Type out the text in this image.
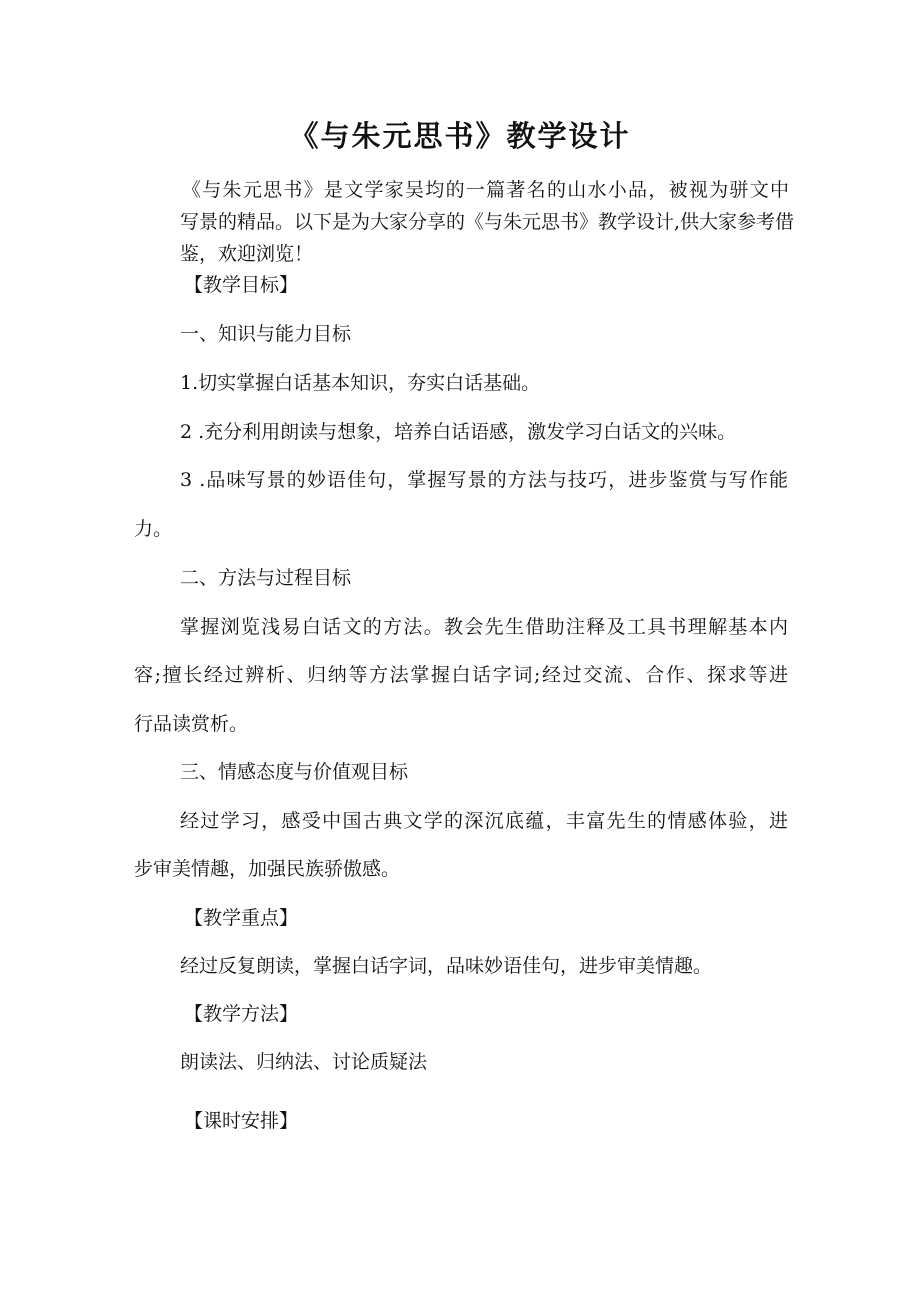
《与朱元思书》教学设计

《与朱元思书》是文学家吴均的一篇著名的山水小品，被视为骈文中

写景的精品。以下是为大家分享的《与朱元思书》教学设计,供大家参考借

鉴，欢迎浏览！

【教学目标】

一、知识与能力目标

1.切实掌握白话基本知识，夯实白话基础。

2 .充分利用朗读与想象，培养白话语感，激发学习白话文的兴味。

3 .品味写景的妙语佳句，掌握写景的方法与技巧，进步鉴赏与写作能

力。

二、方法与过程目标

掌握浏览浅易白话文的方法。教会先生借助注释及工具书理解基本内

容;擅长经过辨析、归纳等方法掌握白话字词;经过交流、合作、探求等进

行品读赏析。

三、情感态度与价值观目标

经过学习，感受中国古典文学的深沉底蕴，丰富先生的情感体验，进

步审美情趣，加强民族骄傲感。

【教学重点】

经过反复朗读，掌握白话字词，品味妙语佳句，进步审美情趣。

【教学方法】

朗读法、归纳法、讨论质疑法

【课时安排】
